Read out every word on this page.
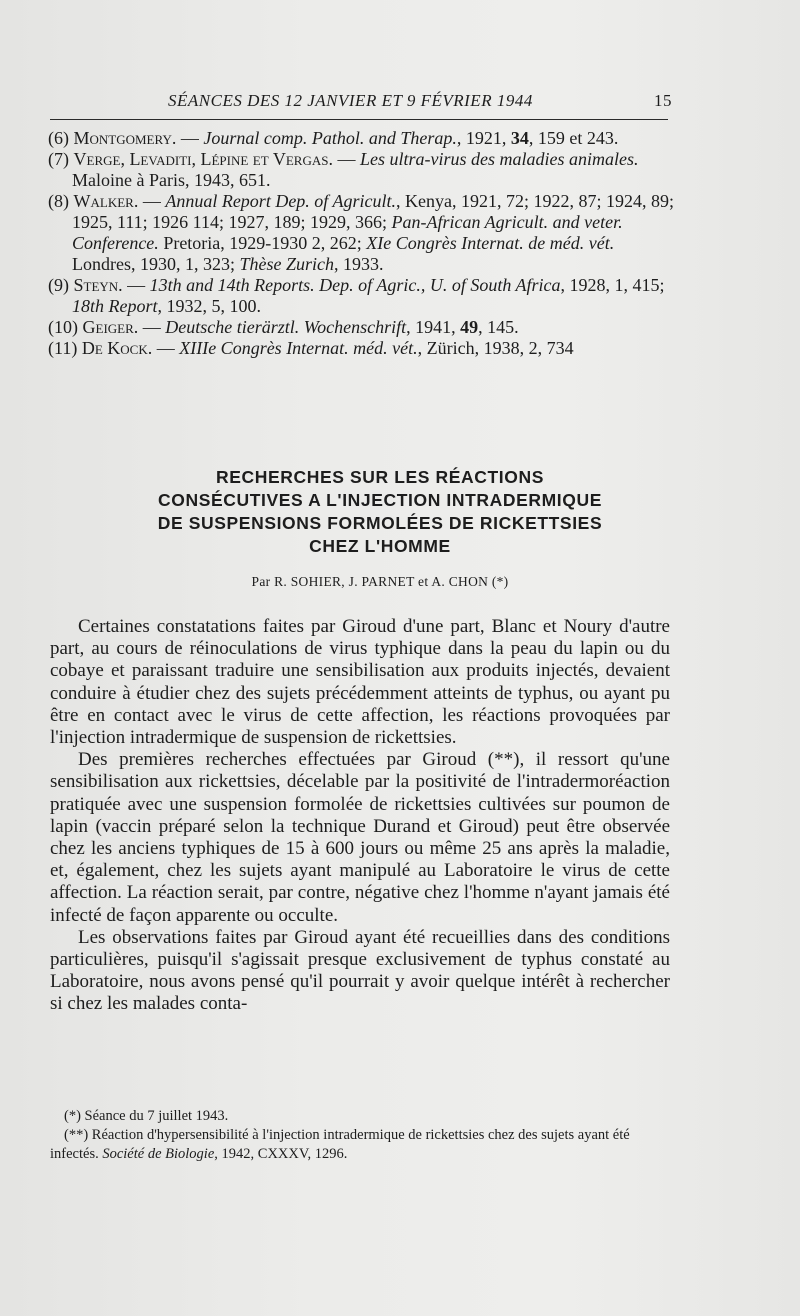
SÉANCES DES 12 JANVIER ET 9 FÉVRIER 1944	15

(6) Montgomery. — Journal comp. Pathol. and Therap., 1921, 34, 159 et 243.

(7) Verge, Levaditi, Lépine et Vergas. — Les ultra-virus des maladies animales. Maloine à Paris, 1943, 651.

(8) Walker. — Annual Report Dep. of Agricult., Kenya, 1921, 72; 1922, 87; 1924, 89; 1925, 111; 1926 114; 1927, 189; 1929, 366; Pan-African Agricult. and veter. Conference. Pretoria, 1929-1930 2, 262; XIe Congrès Internat. de méd. vét. Londres, 1930, 1, 323; Thèse Zurich, 1933.

(9) Steyn. — 13th and 14th Reports. Dep. of Agric., U. of South Africa, 1928, 1, 415; 18th Report, 1932, 5, 100.

(10) Geiger. — Deutsche tierärztl. Wochenschrift, 1941, 49, 145.

(11) De Kock. — XIIIe Congrès Internat. méd. vét., Zürich, 1938, 2, 734

RECHERCHES SUR LES RÉACTIONS
CONSÉCUTIVES A L'INJECTION INTRADERMIQUE
DE SUSPENSIONS FORMOLÉES DE RICKETTSIES
CHEZ L'HOMME
Par R. SOHIER, J. PARNET et A. CHON (*)

Certaines constatations faites par Giroud d'une part, Blanc et Noury d'autre part, au cours de réinoculations de virus typhique dans la peau du lapin ou du cobaye et paraissant traduire une sensibilisation aux produits injectés, devaient conduire à étudier chez des sujets précédemment atteints de typhus, ou ayant pu être en contact avec le virus de cette affection, les réactions provoquées par l'injection intradermique de suspension de rickettsies.

Des premières recherches effectuées par Giroud (**), il ressort qu'une sensibilisation aux rickettsies, décelable par la positivité de l'intradermoréaction pratiquée avec une suspension formolée de rickettsies cultivées sur poumon de lapin (vaccin préparé selon la technique Durand et Giroud) peut être observée chez les anciens typhiques de 15 à 600 jours ou même 25 ans après la maladie, et, également, chez les sujets ayant manipulé au Laboratoire le virus de cette affection. La réaction serait, par contre, négative chez l'homme n'ayant jamais été infecté de façon apparente ou occulte.

Les observations faites par Giroud ayant été recueillies dans des conditions particulières, puisqu'il s'agissait presque exclusivement de typhus constaté au Laboratoire, nous avons pensé qu'il pourrait y avoir quelque intérêt à rechercher si chez les malades conta-

(*) Séance du 7 juillet 1943.

(**) Réaction d'hypersensibilité à l'injection intradermique de rickettsies chez des sujets ayant été infectés. Société de Biologie, 1942, CXXXV, 1296.
